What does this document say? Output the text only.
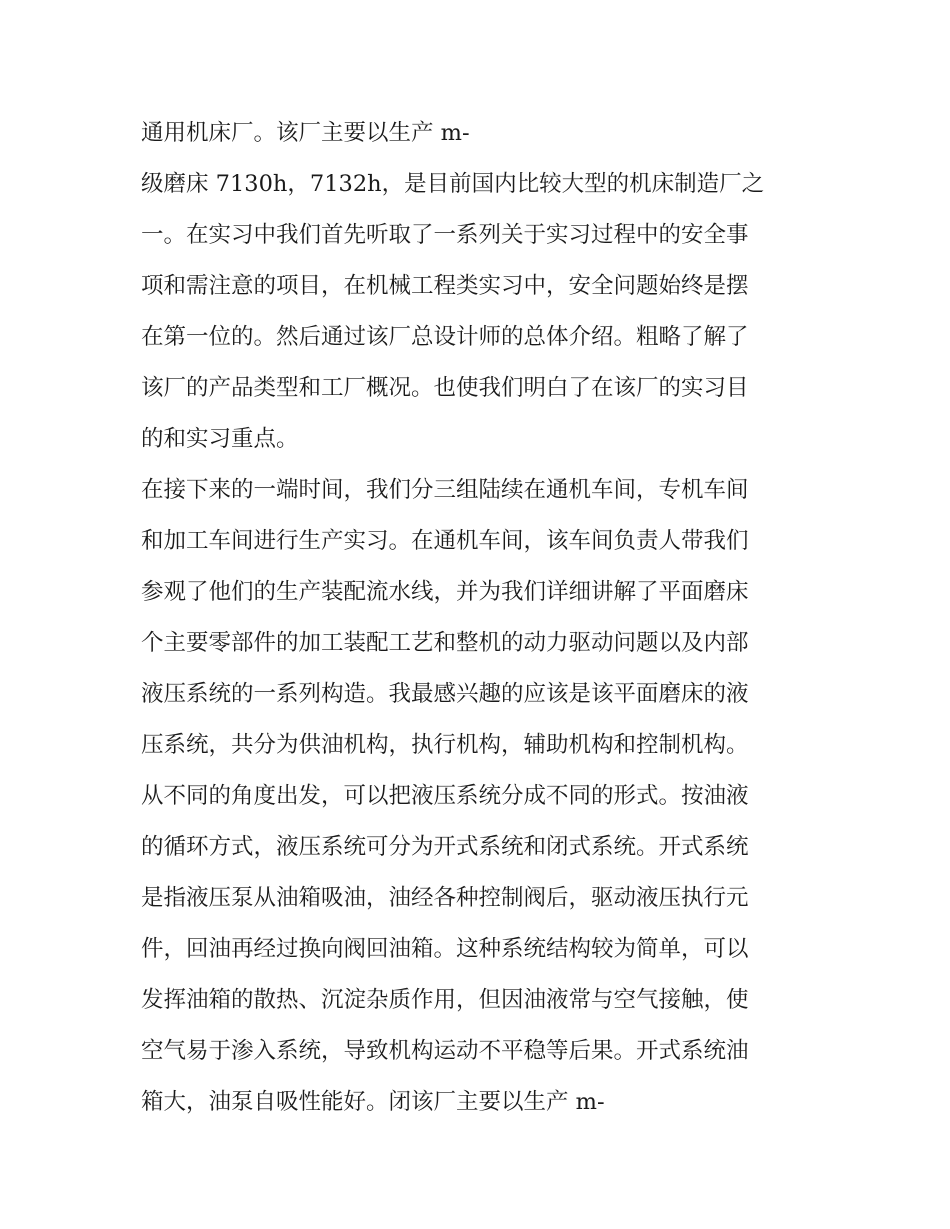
通用机床厂。该厂主要以生产 m-
级磨床 7130h，7132h，是目前国内比较大型的机床制造厂之
一。在实习中我们首先听取了一系列关于实习过程中的安全事
项和需注意的项目，在机械工程类实习中，安全问题始终是摆
在第一位的。然后通过该厂总设计师的总体介绍。粗略了解了
该厂的产品类型和工厂概况。也使我们明白了在该厂的实习目
的和实习重点。
在接下来的一端时间，我们分三组陆续在通机车间，专机车间
和加工车间进行生产实习。在通机车间，该车间负责人带我们
参观了他们的生产装配流水线，并为我们详细讲解了平面磨床
个主要零部件的加工装配工艺和整机的动力驱动问题以及内部
液压系统的一系列构造。我最感兴趣的应该是该平面磨床的液
压系统，共分为供油机构，执行机构，辅助机构和控制机构。
从不同的角度出发，可以把液压系统分成不同的形式。按油液
的循环方式，液压系统可分为开式系统和闭式系统。开式系统
是指液压泵从油箱吸油，油经各种控制阀后，驱动液压执行元
件，回油再经过换向阀回油箱。这种系统结构较为简单，可以
发挥油箱的散热、沉淀杂质作用，但因油液常与空气接触，使
空气易于渗入系统，导致机构运动不平稳等后果。开式系统油
箱大，油泵自吸性能好。闭该厂主要以生产 m-
